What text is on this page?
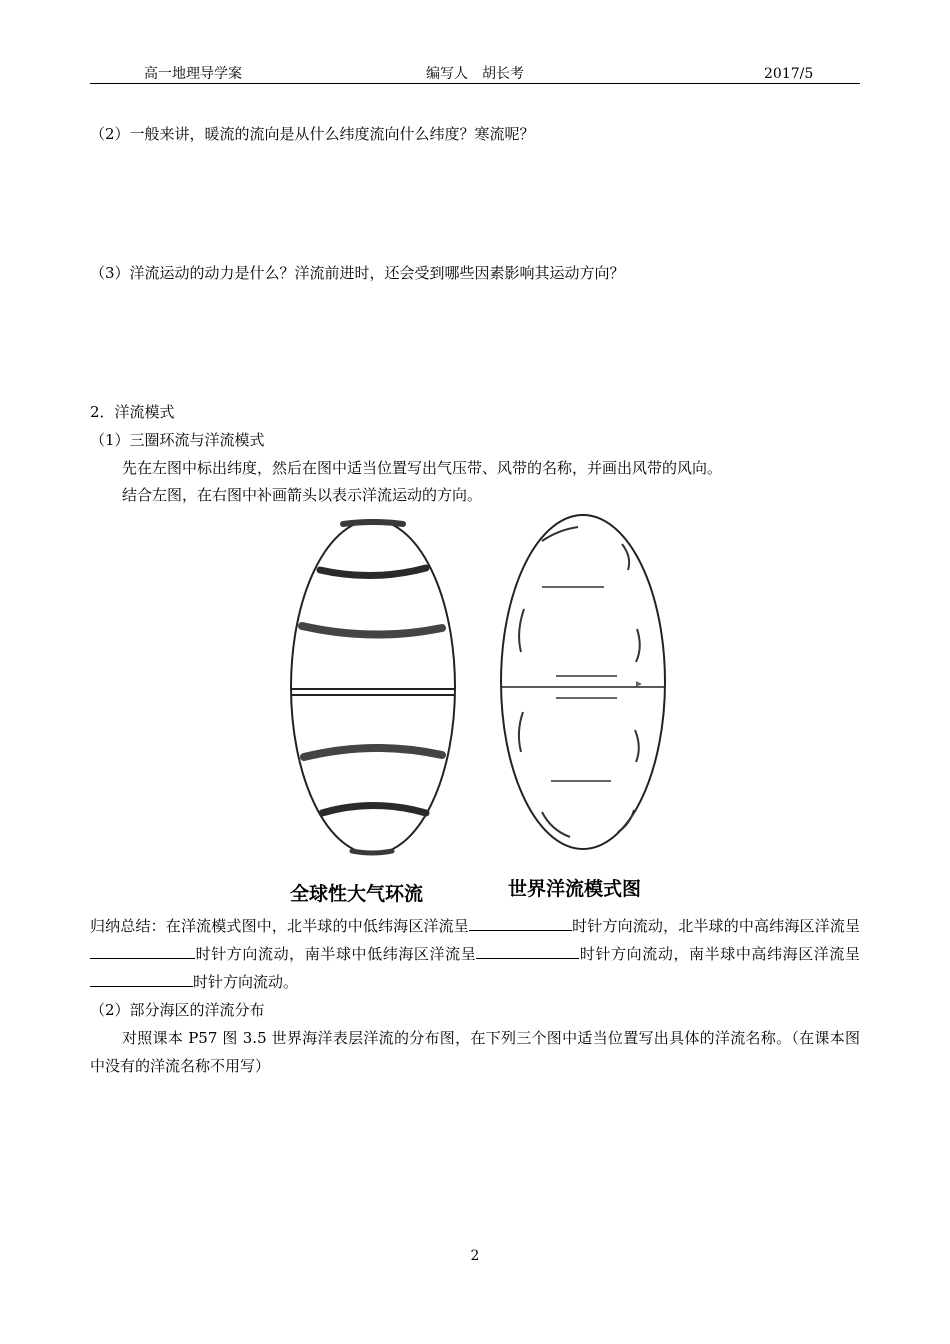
高一地理导学案	编写人　胡长考	2017/5
（2）一般来讲，暖流的流向是从什么纬度流向什么纬度？寒流呢？
（3）洋流运动的动力是什么？洋流前进时，还会受到哪些因素影响其运动方向？
2．洋流模式
（1）三圈环流与洋流模式
先在左图中标出纬度，然后在图中适当位置写出气压带、风带的名称，并画出风带的风向。
结合左图，在右图中补画箭头以表示洋流运动的方向。
全球性大气环流	世界洋流模式图
归纳总结：在洋流模式图中，北半球的中低纬海区洋流呈	时针方向流动，北半球的中高纬海区洋流呈时针方向流动，南半球中低纬海区洋流呈	时针方向流动，南半球中高纬海区洋流呈时针方向流动。
（2）部分海区的洋流分布
对照课本 P57 图 3.5 世界海洋表层洋流的分布图，在下列三个图中适当位置写出具体的洋流名称。（在课本图中没有的洋流名称不用写）
2
